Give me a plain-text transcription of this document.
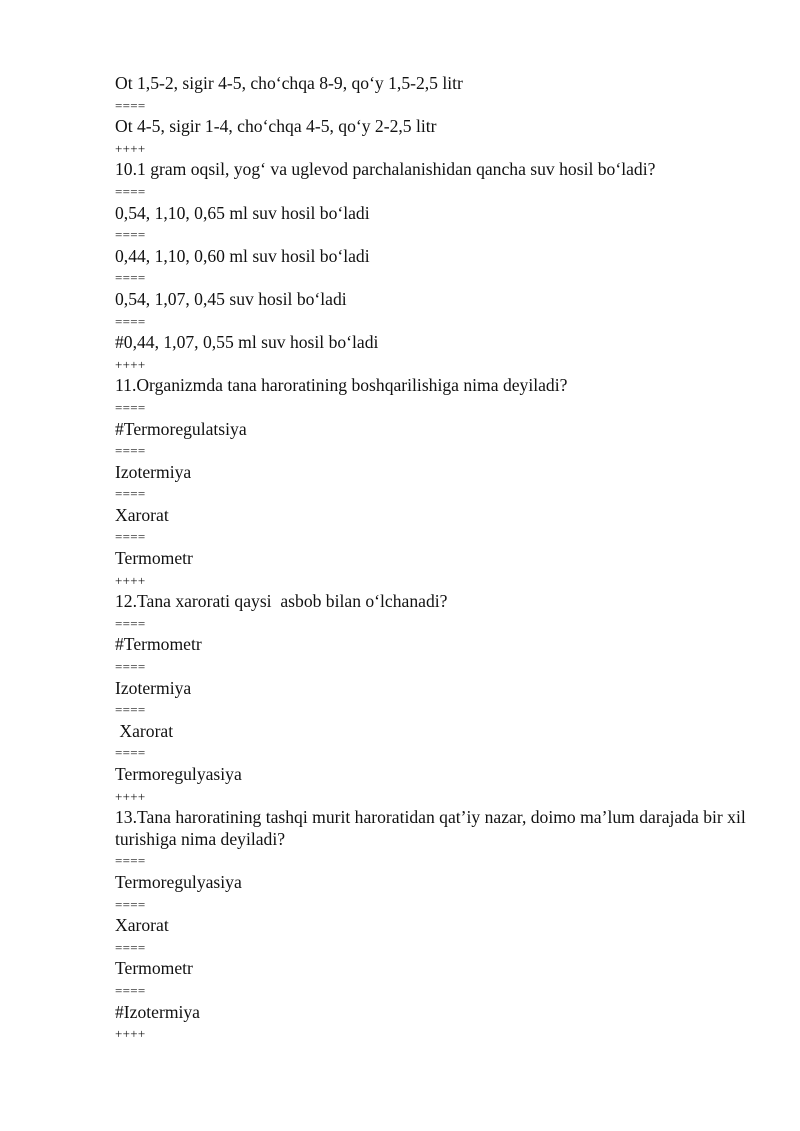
Ot 1,5-2, sigir 4-5, cho‘chqa 8-9, qo‘y 1,5-2,5 litr
====
Ot 4-5, sigir 1-4, cho‘chqa 4-5, qo‘y 2-2,5 litr
++++
10.1 gram oqsil, yog‘ va uglevod parchalanishidan qancha suv hosil bo‘ladi?
====
0,54, 1,10, 0,65 ml suv hosil bo‘ladi
====
0,44, 1,10, 0,60 ml suv hosil bo‘ladi
====
0,54, 1,07, 0,45 suv hosil bo‘ladi
====
#0,44, 1,07, 0,55 ml suv hosil bo‘ladi
++++
11.Organizmda tana haroratining boshqarilishiga nima deyiladi?
====
#Termoregulatsiya
====
Izotermiya
====
Xarorat
====
Termometr
++++
12.Tana xarorati qaysi  asbob bilan o‘lchanadi?
====
#Termometr
====
Izotermiya
====
Xarorat
====
Termoregulyasiya
++++
13.Tana haroratining tashqi murit haroratidan qat’iy nazar, doimo ma’lum darajada bir xil turishiga nima deyiladi?
====
Termoregulyasiya
====
Xarorat
====
Termometr
====
#Izotermiya
++++
